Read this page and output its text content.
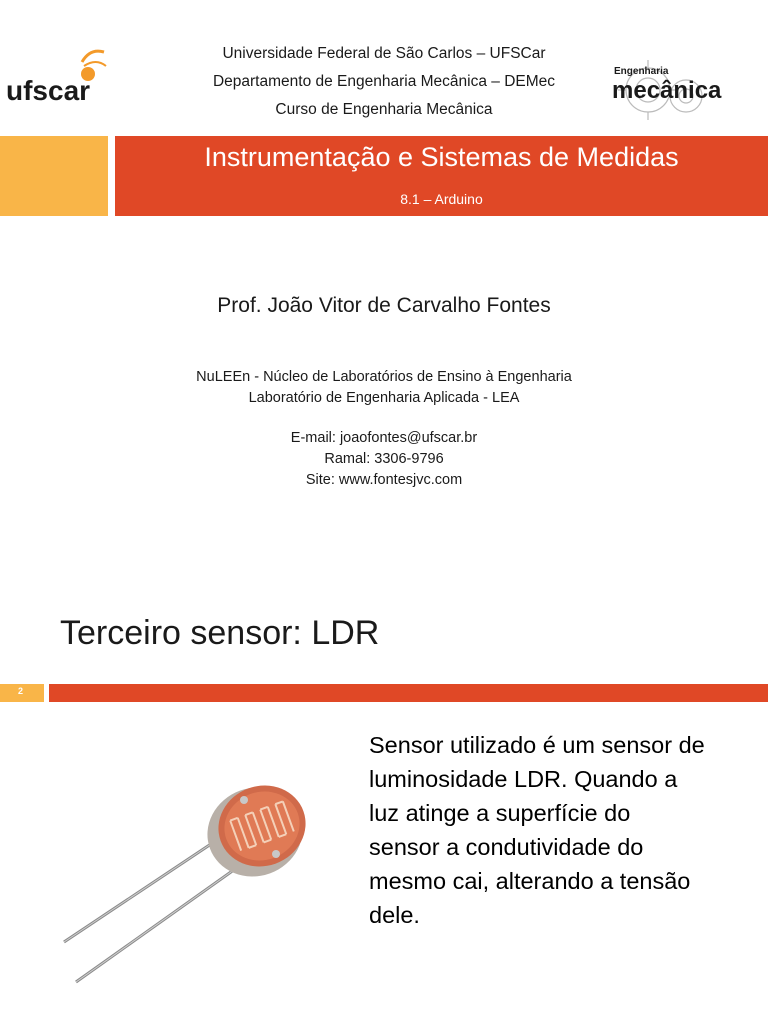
ufscar
Universidade Federal de São Carlos – UFSCar
Departamento de Engenharia Mecânica – DEMec
Curso de Engenharia Mecânica
Engenharia
mecânica
Instrumentação e Sistemas de Medidas
8.1 – Arduino
Prof. João Vitor de Carvalho Fontes
NuLEEn - Núcleo de Laboratórios de Ensino à Engenharia
Laboratório de Engenharia Aplicada - LEA
E-mail: joaofontes@ufscar.br
Ramal: 3306-9796
Site: www.fontesjvc.com
Terceiro sensor: LDR
2
Sensor utilizado é um sensor de
luminosidade LDR. Quando a
luz atinge a superfície do
sensor a condutividade do
mesmo cai, alterando a tensão
dele.
